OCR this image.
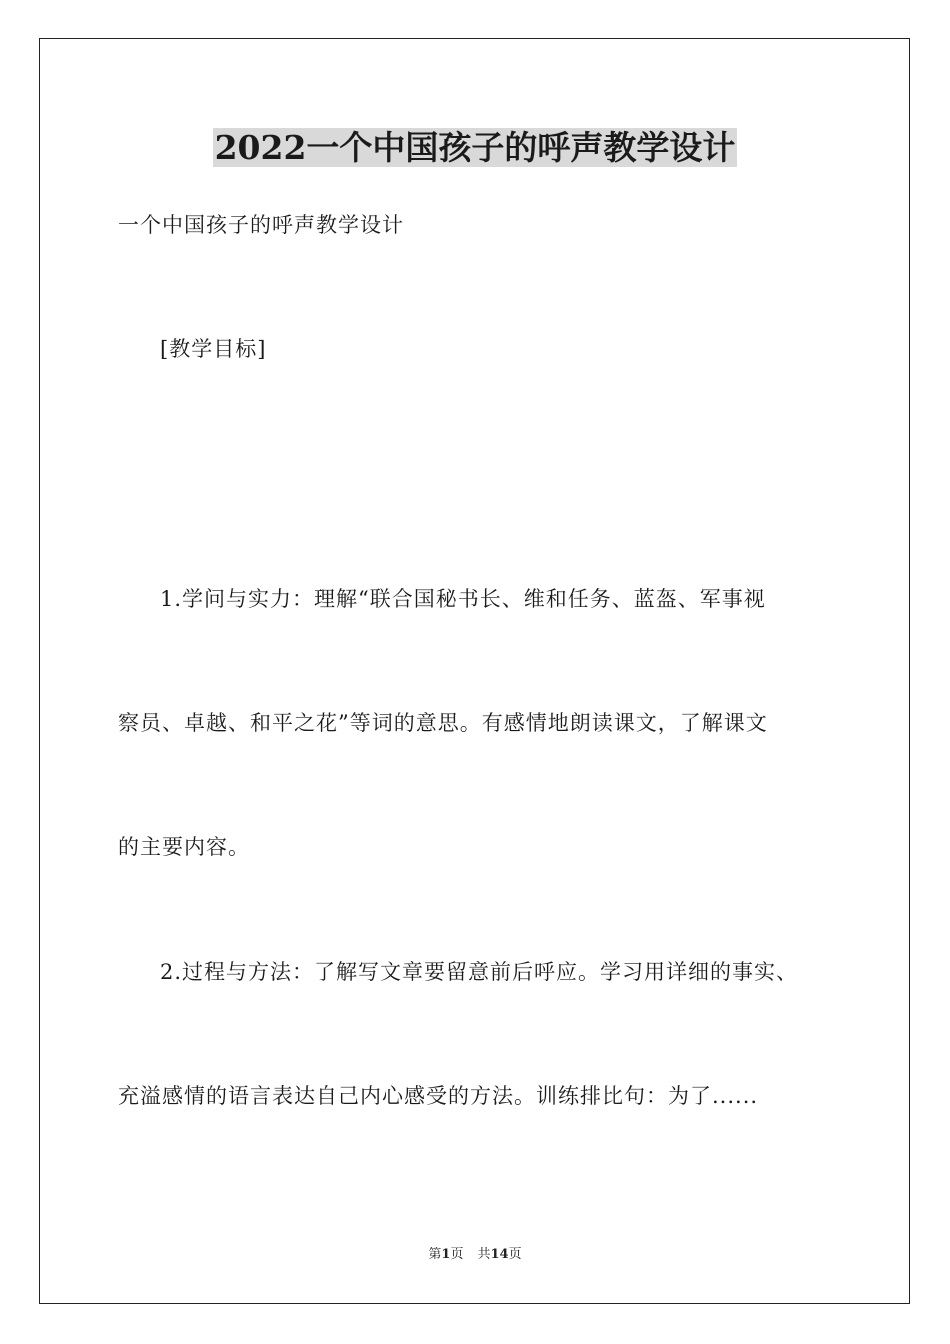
2022一个中国孩子的呼声教学设计
一个中国孩子的呼声教学设计
[教学目标]
1.学问与实力：理解“联合国秘书长、维和任务、蓝盔、军事视
察员、卓越、和平之花”等词的意思。有感情地朗读课文，了解课文
的主要内容。
2.过程与方法：了解写文章要留意前后呼应。学习用详细的事实、
充溢感情的语言表达自己内心感受的方法。训练排比句：为了......
第1页 共14页
